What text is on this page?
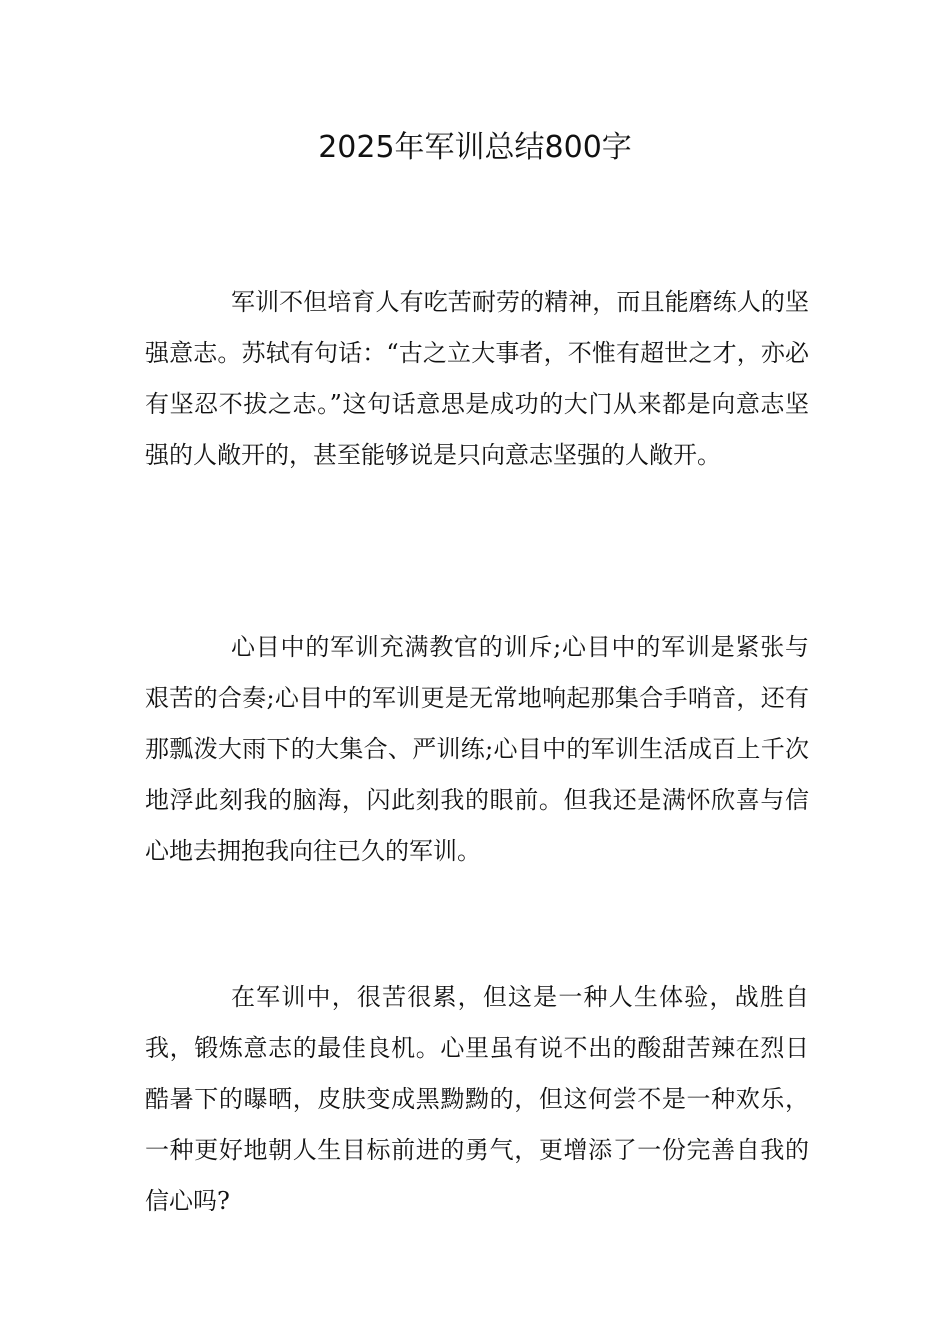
2025年军训总结800字

军训不但培育人有吃苦耐劳的精神，而且能磨练人的坚强意志。苏轼有句话：“古之立大事者，不惟有超世之才，亦必有坚忍不拔之志。”这句话意思是成功的大门从来都是向意志坚强的人敞开的，甚至能够说是只向意志坚强的人敞开。

心目中的军训充满教官的训斥;心目中的军训是紧张与艰苦的合奏;心目中的军训更是无常地响起那集合手哨音，还有那瓢泼大雨下的大集合、严训练;心目中的军训生活成百上千次地浮此刻我的脑海，闪此刻我的眼前。但我还是满怀欣喜与信心地去拥抱我向往已久的军训。

在军训中，很苦很累，但这是一种人生体验，战胜自我，锻炼意志的最佳良机。心里虽有说不出的酸甜苦辣在烈日酷暑下的曝晒，皮肤变成黑黝黝的，但这何尝不是一种欢乐，一种更好地朝人生目标前进的勇气，更增添了一份完善自我的信心吗?
